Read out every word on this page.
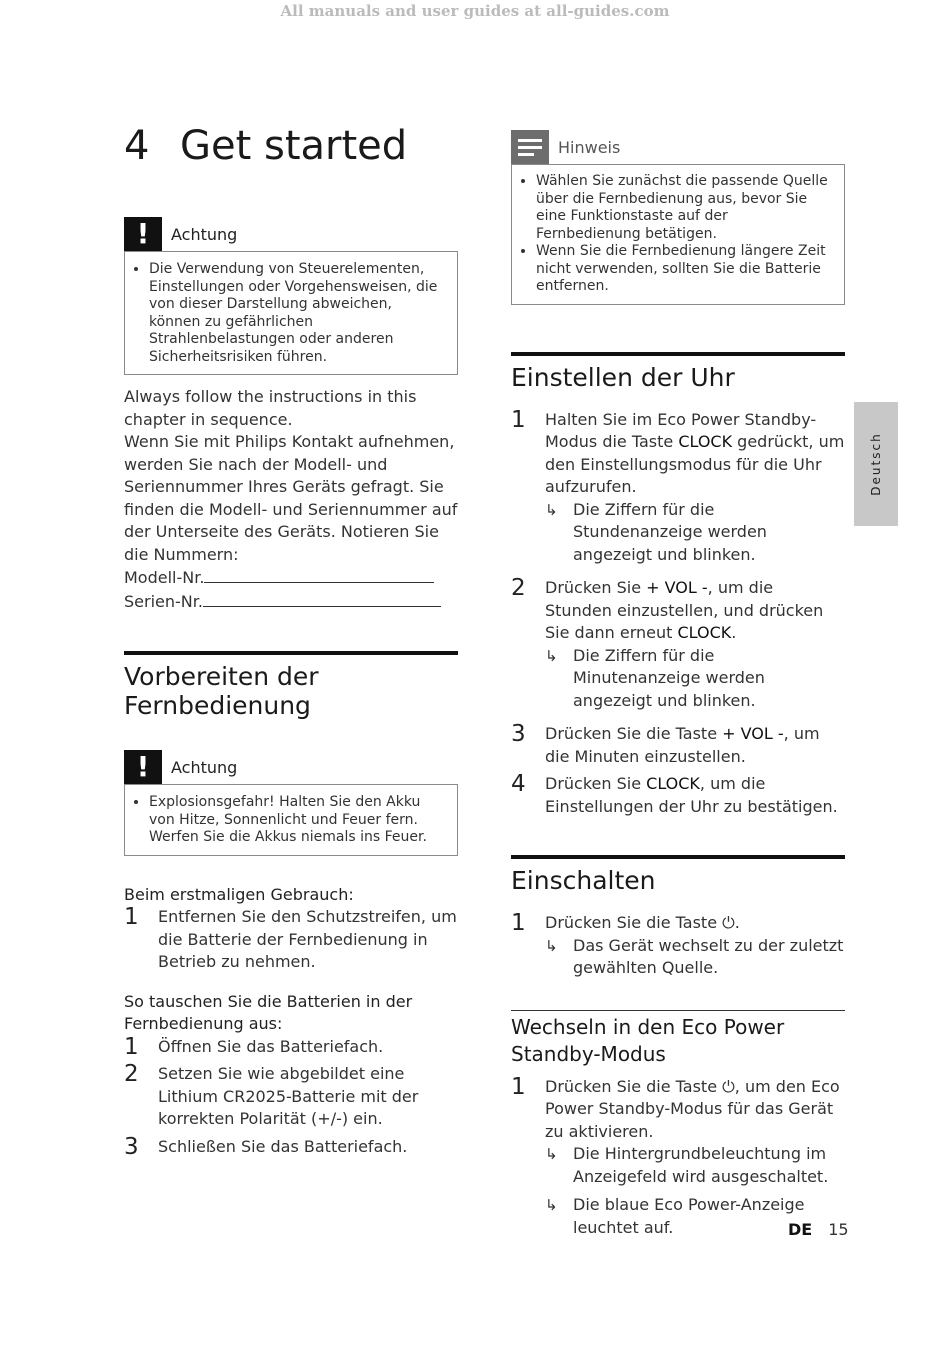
All manuals and user guides at all-guides.com
4 Get started
!	Achtung
• Die Verwendung von Steuerelementen, Einstellungen oder Vorgehensweisen, die von dieser Darstellung abweichen, können zu gefährlichen Strahlenbelastungen oder anderen Sicherheitsrisiken führen.
Always follow the instructions in this chapter in sequence.
Wenn Sie mit Philips Kontakt aufnehmen, werden Sie nach der Modell- und Seriennummer Ihres Geräts gefragt. Sie finden die Modell- und Seriennummer auf der Unterseite des Geräts. Notieren Sie die Nummern:
Modell-Nr.
Serien-Nr.
Vorbereiten der Fernbedienung
!	Achtung
• Explosionsgefahr! Halten Sie den Akku von Hitze, Sonnenlicht und Feuer fern. Werfen Sie die Akkus niemals ins Feuer.
Beim erstmaligen Gebrauch:
1	Entfernen Sie den Schutzstreifen, um die Batterie der Fernbedienung in Betrieb zu nehmen.
So tauschen Sie die Batterien in der Fernbedienung aus:
1	Öffnen Sie das Batteriefach.
2	Setzen Sie wie abgebildet eine Lithium CR2025-Batterie mit der korrekten Polarität (+/-) ein.
3	Schließen Sie das Batteriefach.
Hinweis
• Wählen Sie zunächst die passende Quelle über die Fernbedienung aus, bevor Sie eine Funktionstaste auf der Fernbedienung betätigen.
• Wenn Sie die Fernbedienung längere Zeit nicht verwenden, sollten Sie die Batterie entfernen.
Einstellen der Uhr
1	Halten Sie im Eco Power Standby-Modus die Taste CLOCK gedrückt, um den Einstellungsmodus für die Uhr aufzurufen.
↳ Die Ziffern für die Stundenanzeige werden angezeigt und blinken.
2	Drücken Sie + VOL -, um die Stunden einzustellen, und drücken Sie dann erneut CLOCK.
↳ Die Ziffern für die Minutenanzeige werden angezeigt und blinken.
3	Drücken Sie die Taste + VOL -, um die Minuten einzustellen.
4	Drücken Sie CLOCK, um die Einstellungen der Uhr zu bestätigen.
Einschalten
1	Drücken Sie die Taste ⏻.
↳ Das Gerät wechselt zu der zuletzt gewählten Quelle.
Wechseln in den Eco Power Standby-Modus
1	Drücken Sie die Taste ⏻, um den Eco Power Standby-Modus für das Gerät zu aktivieren.
↳ Die Hintergrundbeleuchtung im Anzeigefeld wird ausgeschaltet.
↳ Die blaue Eco Power-Anzeige leuchtet auf.
Deutsch
DE 15
